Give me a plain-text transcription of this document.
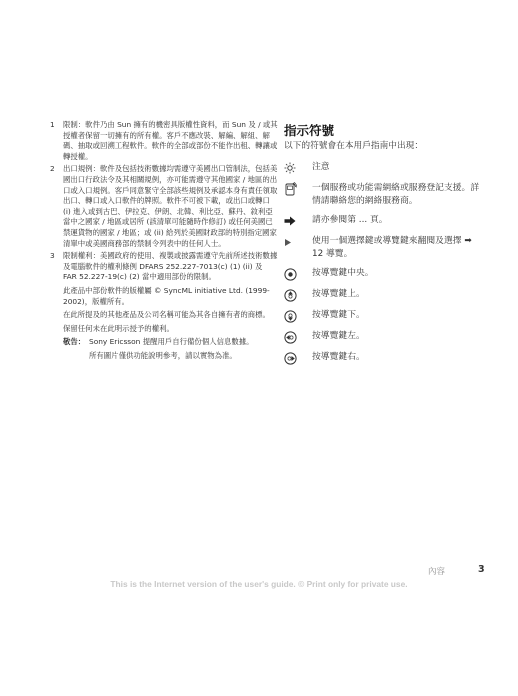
1	限制：軟件乃由 Sun 擁有的機密具版權性資料，而 Sun 及 / 或其授權者保留一切擁有的所有權。客戶不應改裝、解編、解組、解碼、抽取或回溯工程軟件。軟件的全部或部份不能作出租、轉讓或轉授權。
2	出口規例：軟件及包括技術數據均需遵守美國出口管制法，包括美國出口行政法令及其相關規例，亦可能需遵守其他國家 / 地區的出口或入口規例。客戶同意緊守全部該些規例及承認本身有責任領取出口、轉口或入口軟件的牌照。軟件不可被下載，或出口或轉口 (i) 進入或到古巴、伊拉克、伊朗、北韓、利比亞、蘇丹、敘利亞當中之國家 / 地區或居所 (該清單可能隨時作修訂) 或任何美國已禁運貨物的國家 / 地區；或 (ii) 給列於美國財政部的特別指定國家清單中或美國商務部的禁制令列表中的任何人士。
3	限制權利：美國政府的使用、複製或披露需遵守先前所述技術數據及電腦軟件的權利條例 DFARS 252.227-7013(c) (1) (ii) 及 FAR 52.227-19(c) (2) 當中適用部份的限制。
此產品中部份軟件的版權屬 © SyncML initiative Ltd. (1999-2002)，版權所有。
在此所提及的其他產品及公司名稱可能為其各自擁有者的商標。
保留任何未在此明示授予的權利。
敬告： Sony Ericsson 提醒用戶自行備份個人信息數據。
所有圖片僅供功能說明參考，請以實物為准。
指示符號
以下的符號會在本用戶指南中出現：
注意
一個服務或功能需網絡或服務登記支援。詳情請聯絡您的網絡服務商。
請亦參閱第 ... 頁。
使用一個選擇鍵或導覽鍵來翻閱及選擇 ➡ 12 導覽。
按導覽鍵中央。
按導覽鍵上。
按導覽鍵下。
按導覽鍵左。
按導覽鍵右。
內容	3
This is the Internet version of the user's guide. © Print only for private use.
